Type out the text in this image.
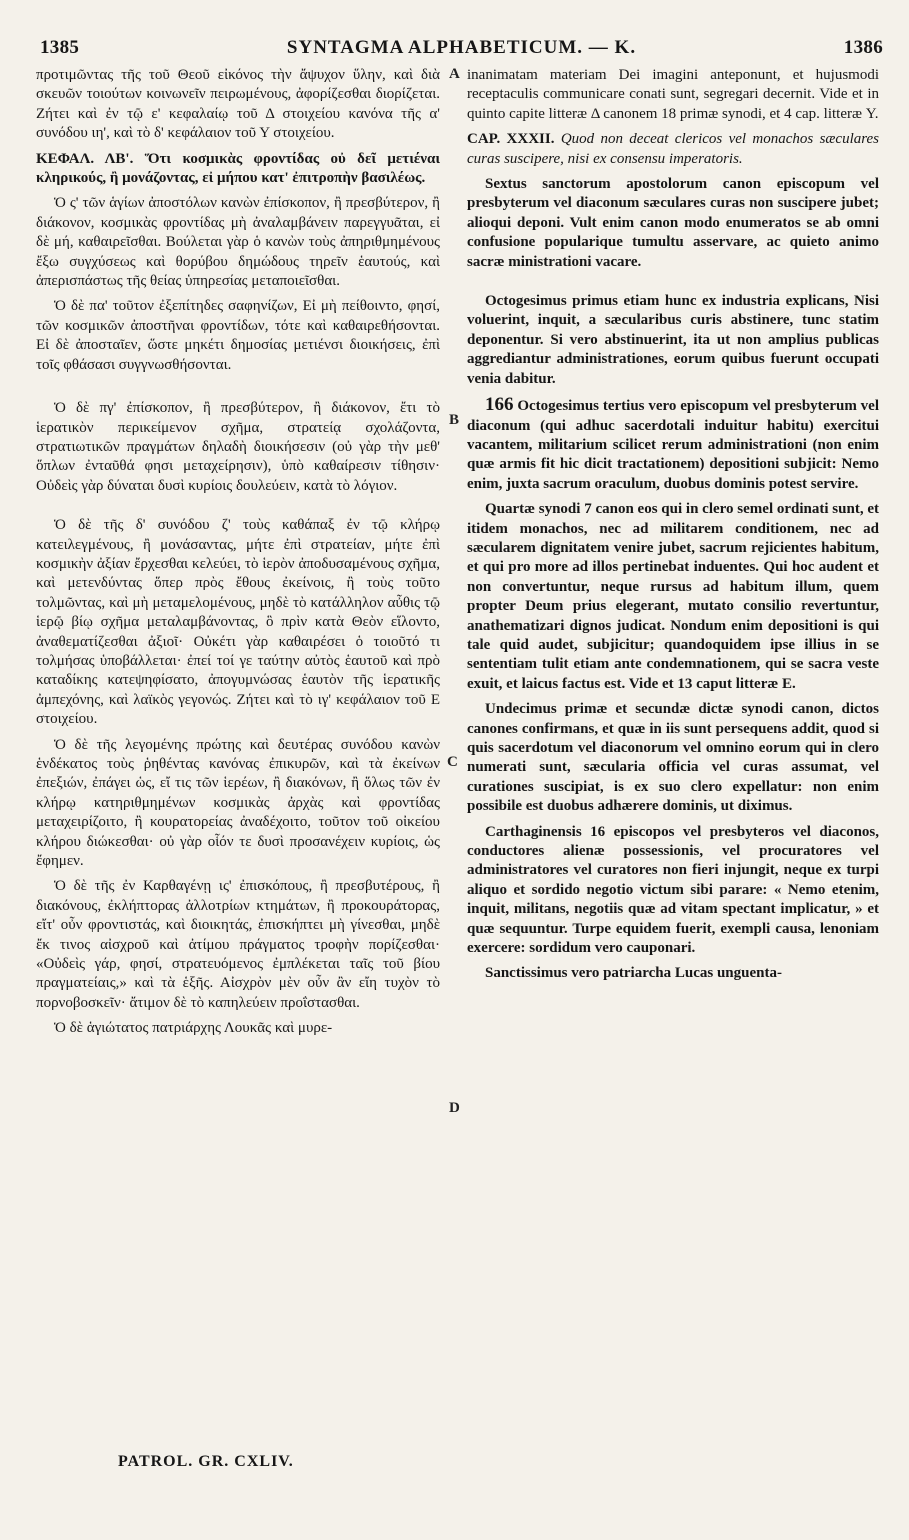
1385	SYNTAGMA ALPHABETICUM. — K.	1386
A
B
C
D

προτιμῶντας τῆς τοῦ Θεοῦ εἰκόνος τὴν ἄψυχον ὕλην, καὶ διὰ σκευῶν τοιούτων κοινωνεῖν πειρωμένους, ἀφορίζεσθαι διορίζεται. Ζήτει καὶ ἐν τῷ ε' κεφαλαίῳ τοῦ Δ στοιχείου κανόνα τῆς α' συνόδου ιη', καὶ τὸ δ' κεφάλαιον τοῦ Υ στοιχείου.

ΚΕΦΑΛ. ΛΒ'. Ὅτι κοσμικὰς φροντίδας οὐ δεῖ μετιέναι κληρικούς, ἢ μονάζοντας, εἰ μήπου κατ' ἐπιτροπὴν βασιλέως.

Ὁ ς' τῶν ἁγίων ἀποστόλων κανὼν ἐπίσκοπον, ἢ πρεσβύτερον, ἢ διάκονον, κοσμικὰς φροντίδας μὴ ἀναλαμβάνειν παρεγγυᾶται, εἰ δὲ μή, καθαιρεῖσθαι. Βούλεται γὰρ ὁ κανὼν τοὺς ἀπηριθμημένους ἔξω συγχύσεως καὶ θορύβου δημώδους τηρεῖν ἑαυτούς, καὶ ἀπερισπάστως τῆς θείας ὑπηρεσίας μεταποιεῖσθαι.

Ὁ δὲ πα' τοῦτον ἐξεπίτηδες σαφηνίζων, Εἰ μὴ πείθοιντο, φησί, τῶν κοσμικῶν ἀποστῆναι φροντίδων, τότε καὶ καθαιρεθήσονται. Εἰ δὲ ἀποσταῖεν, ὥστε μηκέτι δημοσίας μετιένσι διοικήσεις, ἐπὶ τοῖς φθάσασι συγγνωσθήσονται.

Ὁ δὲ πγ' ἐπίσκοπον, ἢ πρεσβύτερον, ἢ διάκονον, ἔτι τὸ ἱερατικὸν περικείμενον σχῆμα, στρατείᾳ σχολάζοντα, στρατιωτικῶν πραγμάτων δηλαδὴ διοικήσεσιν (οὐ γὰρ τὴν μεθ' ὅπλων ἐνταῦθά φησι μεταχείρησιν), ὑπὸ καθαίρεσιν τίθησιν· Οὐδεὶς γὰρ δύναται δυσὶ κυρίοις δουλεύειν, κατὰ τὸ λόγιον.

Ὁ δὲ τῆς δ' συνόδου ζ' τοὺς καθάπαξ ἐν τῷ κλήρῳ κατειλεγμένους, ἢ μονάσαντας, μήτε ἐπὶ στρατείαν, μήτε ἐπὶ κοσμικὴν ἀξίαν ἔρχεσθαι κελεύει, τὸ ἱερὸν ἀποδυσαμένους σχῆμα, καὶ μετενδύντας ὅπερ πρὸς ἔθους ἐκείνοις, ἢ τοὺς τοῦτο τολμῶντας, καὶ μὴ μεταμελομένους, μηδὲ τὸ κατάλληλον αὖθις τῷ ἱερῷ βίῳ σχῆμα μεταλαμβάνοντας, ὃ πρὶν κατὰ Θεὸν εἵλοντο, ἀναθεματίζεσθαι ἀξιοῖ· Οὐκέτι γὰρ καθαιρέσει ὁ τοιοῦτό τι τολμήσας ὑποβάλλεται· ἐπεί τοί γε ταύτην αὐτὸς ἑαυτοῦ καὶ πρὸ καταδίκης κατεψηφίσατο, ἀπογυμνώσας ἑαυτὸν τῆς ἱερατικῆς ἀμπεχόνης, καὶ λαϊκὸς γεγονώς. Ζήτει καὶ τὸ ιγ' κεφάλαιον τοῦ Ε στοιχείου.

Ὁ δὲ τῆς λεγομένης πρώτης καὶ δευτέρας συνόδου κανὼν ἑνδέκατος τοὺς ῥηθέντας κανόνας ἐπικυρῶν, καὶ τὰ ἐκείνων ἐπεξιών, ἐπάγει ὡς, εἴ τις τῶν ἱερέων, ἢ διακόνων, ἢ ὅλως τῶν ἐν κλήρῳ κατηριθμημένων κοσμικὰς ἀρχὰς καὶ φροντίδας μεταχειρίζοιτο, ἢ κουρατορείας ἀναδέχοιτο, τοῦτον τοῦ οἰκείου κλήρου διώκεσθαι· οὐ γὰρ οἷόν τε δυσὶ προσανέχειν κυρίοις, ὡς ἔφημεν.

Ὁ δὲ τῆς ἐν Καρθαγένῃ ις' ἐπισκόπους, ἢ πρεσβυτέρους, ἢ διακόνους, ἐκλήπτορας ἀλλοτρίων κτημάτων, ἢ προκουράτορας, εἴτ' οὖν φροντιστάς, καὶ διοικητάς, ἐπισκήπτει μὴ γίνεσθαι, μηδὲ ἔκ τινος αἰσχροῦ καὶ ἀτίμου πράγματος τροφὴν πορίζεσθαι· «Οὐδεὶς γάρ, φησί, στρατευόμενος ἐμπλέκεται ταῖς τοῦ βίου πραγματείαις,» καὶ τὰ ἑξῆς. Αἰσχρὸν μὲν οὖν ἂν εἴη τυχὸν τὸ πορνοβοσκεῖν· ἄτιμον δὲ τὸ καπηλεύειν προΐστασθαι.

Ὁ δὲ ἁγιώτατος πατριάρχης Λουκᾶς καὶ μυρε-

inanimatam materiam Dei imagini anteponunt, et hujusmodi receptaculis communicare conati sunt, segregari decernit. Vide et in quinto capite litteræ Δ canonem 18 primæ synodi, et 4 cap. litteræ Υ.

CAP. XXXII. Quod non deceat clericos vel monachos sæculares curas suscipere, nisi ex consensu imperatoris.

Sextus sanctorum apostolorum canon episcopum vel presbyterum vel diaconum sæculares curas non suscipere jubet; alioqui deponi. Vult enim canon modo enumeratos se ab omni confusione popularique tumultu asservare, ac quieto animo sacræ ministrationi vacare.

Octogesimus primus etiam hunc ex industria explicans, Nisi voluerint, inquit, a sæcularibus curis abstinere, tunc statim deponentur. Si vero abstinuerint, ita ut non amplius publicas aggrediantur administrationes, eorum quibus fuerunt occupati venia dabitur.

166 Octogesimus tertius vero episcopum vel presbyterum vel diaconum (qui adhuc sacerdotali induitur habitu) exercitui vacantem, militarium scilicet rerum administrationi (non enim quæ armis fit hic dicit tractationem) depositioni subjicit: Nemo enim, juxta sacrum oraculum, duobus dominis potest servire.

Quartæ synodi 7 canon eos qui in clero semel ordinati sunt, et itidem monachos, nec ad militarem conditionem, nec ad sæcularem dignitatem venire jubet, sacrum rejicientes habitum, et qui pro more ad illos pertinebat induentes. Qui hoc audent et non convertuntur, neque rursus ad habitum illum, quem propter Deum prius elegerant, mutato consilio revertuntur, anathematizari dignos judicat. Nondum enim depositioni is qui tale quid audet, subjicitur; quandoquidem ipse illius in se sententiam tulit etiam ante condemnationem, qui se sacra veste exuit, et laicus factus est. Vide et 13 caput litteræ E.

Undecimus primæ et secundæ dictæ synodi canon, dictos canones confirmans, et quæ in iis sunt persequens addit, quod si quis sacerdotum vel diaconorum vel omnino eorum qui in clero numerati sunt, sæcularia officia vel curas assumat, vel curationes suscipiat, is ex suo clero expellatur: non enim possibile est duobus adhærere dominis, ut diximus.

Carthaginensis 16 episcopos vel presbyteros vel diaconos, conductores alienæ possessionis, vel procuratores vel administratores vel curatores non fieri injungit, neque ex turpi aliquo et sordido negotio victum sibi parare: « Nemo etenim, inquit, militans, negotiis quæ ad vitam spectant implicatur, » et quæ sequuntur. Turpe equidem fuerit, exempli causa, lenoniam exercere: sordidum vero cauponari.

Sanctissimus vero patriarcha Lucas unguenta-

PATROL. GR. CXLIV.
